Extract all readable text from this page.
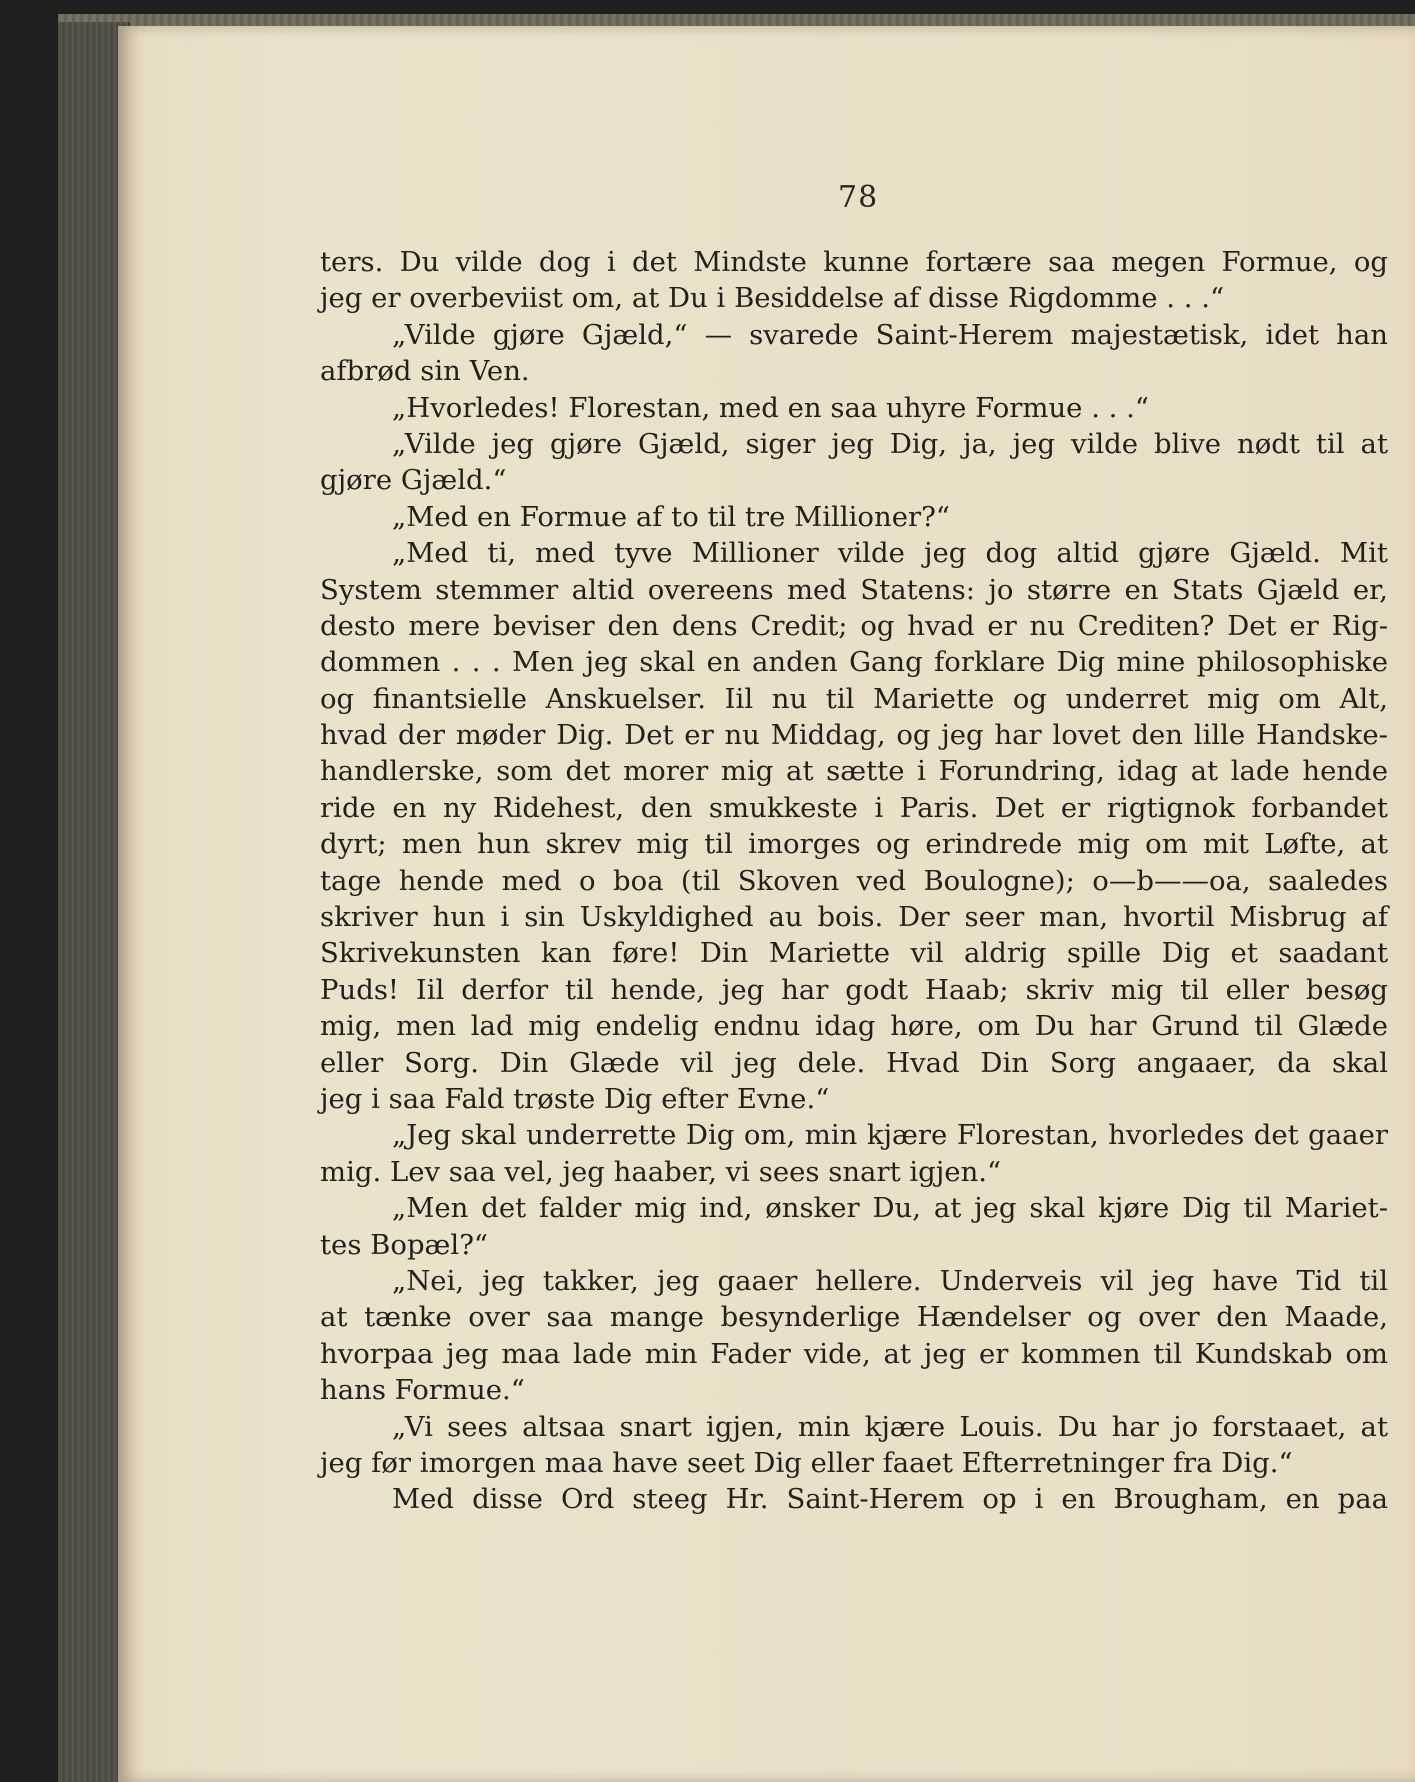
78
ters. Du vilde dog i det Mindste kunne fortære saa megen Formue, og
jeg er overbeviist om, at Du i Besiddelse af disse Rigdomme . . .“
„Vilde gjøre Gjæld,“ — svarede Saint-Herem majestætisk, idet han
afbrød sin Ven.
„Hvorledes! Florestan, med en saa uhyre Formue . . .“
„Vilde jeg gjøre Gjæld, siger jeg Dig, ja, jeg vilde blive nødt til at
gjøre Gjæld.“
„Med en Formue af to til tre Millioner?“
„Med ti, med tyve Millioner vilde jeg dog altid gjøre Gjæld. Mit
System stemmer altid overeens med Statens: jo større en Stats Gjæld er,
desto mere beviser den dens Credit; og hvad er nu Crediten? Det er Rig-
dommen . . . Men jeg skal en anden Gang forklare Dig mine philosophiske
og finantsielle Anskuelser. Iil nu til Mariette og underret mig om Alt,
hvad der møder Dig. Det er nu Middag, og jeg har lovet den lille Handske-
handlerske, som det morer mig at sætte i Forundring, idag at lade hende
ride en ny Ridehest, den smukkeste i Paris. Det er rigtignok forbandet
dyrt; men hun skrev mig til imorges og erindrede mig om mit Løfte, at
tage hende med o boa (til Skoven ved Boulogne); o—b——oa, saaledes
skriver hun i sin Uskyldighed au bois. Der seer man, hvortil Misbrug af
Skrivekunsten kan føre! Din Mariette vil aldrig spille Dig et saadant
Puds! Iil derfor til hende, jeg har godt Haab; skriv mig til eller besøg
mig, men lad mig endelig endnu idag høre, om Du har Grund til Glæde
eller Sorg. Din Glæde vil jeg dele. Hvad Din Sorg angaaer, da skal
jeg i saa Fald trøste Dig efter Evne.“
„Jeg skal underrette Dig om, min kjære Florestan, hvorledes det gaaer
mig. Lev saa vel, jeg haaber, vi sees snart igjen.“
„Men det falder mig ind, ønsker Du, at jeg skal kjøre Dig til Mariet-
tes Bopæl?“
„Nei, jeg takker, jeg gaaer hellere. Underveis vil jeg have Tid til
at tænke over saa mange besynderlige Hændelser og over den Maade,
hvorpaa jeg maa lade min Fader vide, at jeg er kommen til Kundskab om
hans Formue.“
„Vi sees altsaa snart igjen, min kjære Louis. Du har jo forstaaet, at
jeg før imorgen maa have seet Dig eller faaet Efterretninger fra Dig.“
Med disse Ord steeg Hr. Saint-Herem op i en Brougham, en paa
